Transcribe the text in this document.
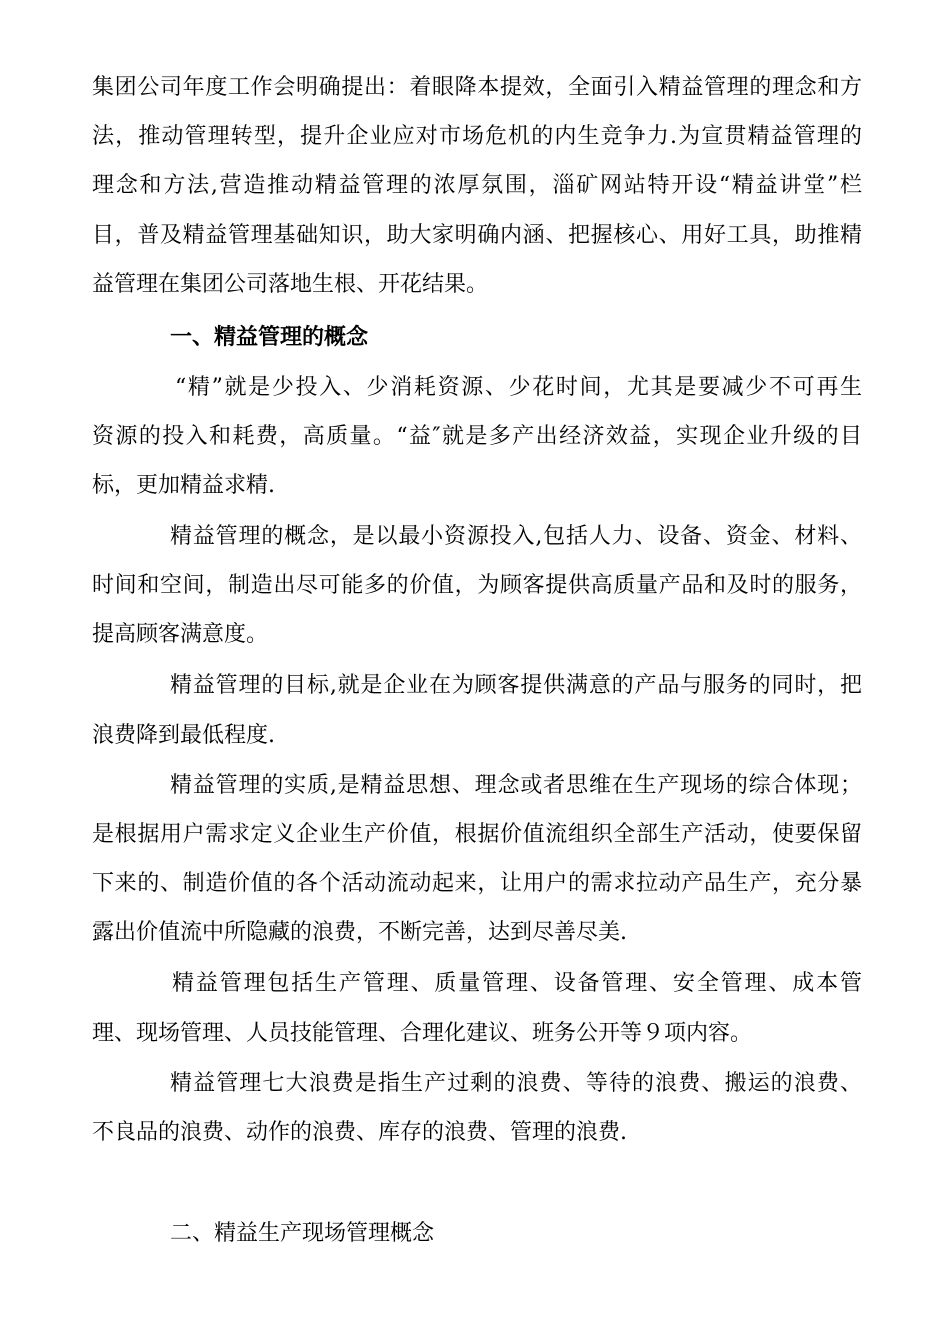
集团公司年度工作会明确提出：着眼降本提效，全面引入精益管理的理念和方
法，推动管理转型，提升企业应对市场危机的内生竞争力.为宣贯精益管理的
理念和方法,营造推动精益管理的浓厚氛围，淄矿网站特开设“精益讲堂”栏
目，普及精益管理基础知识，助大家明确内涵、把握核心、用好工具，助推精
益管理在集团公司落地生根、开花结果。
一、精益管理的概念
“精”就是少投入、少消耗资源、少花时间，尤其是要减少不可再生
资源的投入和耗费，高质量。“益″就是多产出经济效益，实现企业升级的目
标，更加精益求精.
精益管理的概念，是以最小资源投入,包括人力、设备、资金、材料、
时间和空间，制造出尽可能多的价值，为顾客提供高质量产品和及时的服务，
提高顾客满意度。
精益管理的目标,就是企业在为顾客提供满意的产品与服务的同时，把
浪费降到最低程度.
精益管理的实质,是精益思想、理念或者思维在生产现场的综合体现；
是根据用户需求定义企业生产价值，根据价值流组织全部生产活动，使要保留
下来的、制造价值的各个活动流动起来，让用户的需求拉动产品生产，充分暴
露出价值流中所隐藏的浪费，不断完善，达到尽善尽美.
精益管理包括生产管理、质量管理、设备管理、安全管理、成本管
理、现场管理、人员技能管理、合理化建议、班务公开等９项内容。
精益管理七大浪费是指生产过剩的浪费、等待的浪费、搬运的浪费、
不良品的浪费、动作的浪费、库存的浪费、管理的浪费.
二、精益生产现场管理概念
